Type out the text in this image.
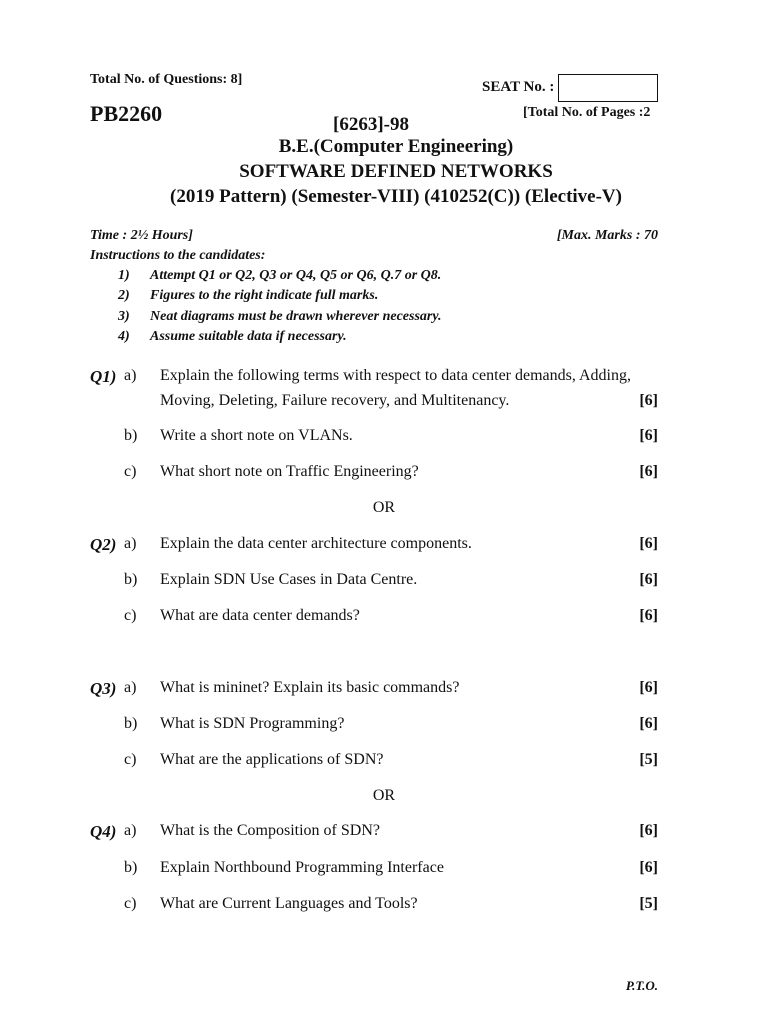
Total No. of Questions: 8]	SEAT No. :
PB2260	[Total No. of Pages :2
[6263]-98
B.E.(Computer Engineering)
SOFTWARE DEFINED NETWORKS
(2019 Pattern) (Semester-VIII) (410252(C)) (Elective-V)
Time : 2½ Hours]	[Max. Marks : 70
Instructions to the candidates:
1) Attempt Q1 or Q2, Q3 or Q4, Q5 or Q6, Q.7 or Q8.
2) Figures to the right indicate full marks.
3) Neat diagrams must be drawn wherever necessary.
4) Assume suitable data if necessary.
Q1) a) Explain the following terms with respect to data center demands, Adding,
Moving, Deleting, Failure recovery, and Multitenancy.	[6]
b) Write a short note on VLANs.	[6]
c) What short note on Traffic Engineering?	[6]
OR
Q2) a) Explain the data center architecture components.	[6]
b) Explain SDN Use Cases in Data Centre.	[6]
c) What are data center demands?	[6]
Q3) a) What is mininet? Explain its basic commands?	[6]
b) What is SDN Programming?	[6]
c) What are the applications of SDN?	[5]
OR
Q4) a) What is the Composition of SDN?	[6]
b) Explain Northbound Programming Interface	[6]
c) What are Current Languages and Tools?	[5]
P.T.O.
